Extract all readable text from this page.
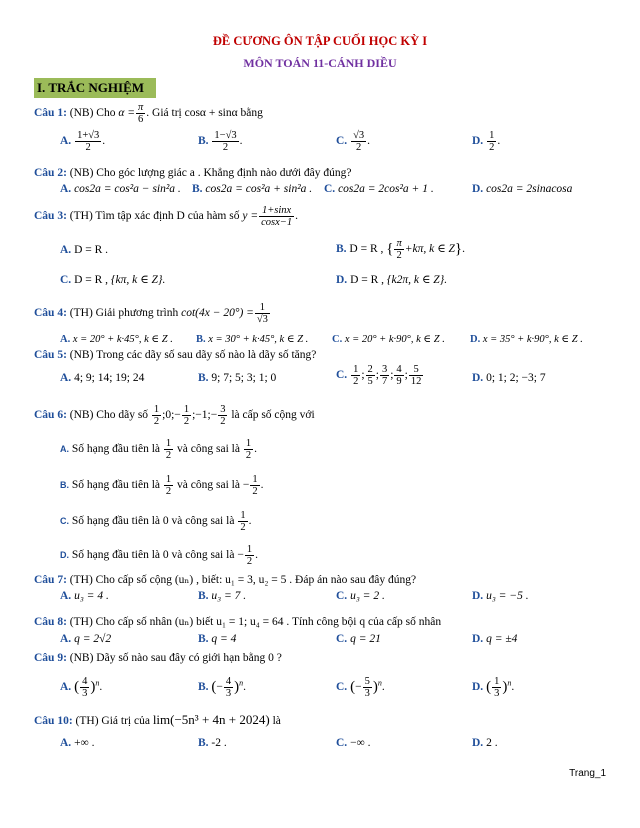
ĐỀ CƯƠNG ÔN TẬP CUỐI HỌC KỲ I
MÔN TOÁN 11-CÁNH DIỀU
I. TRẮC NGHIỆM
Câu 1: (NB) Cho $\alpha = \frac{\pi}{6}$ . Giá trị cosα + sinα bằng
A. $\frac{1+√3}{2}$ .	B. $\frac{1-√3}{2}$ .	C. $\frac{√3}{2}$ .	D. $\frac{1}{2}$ .
Câu 2: (NB) Cho góc lượng giác a . Khẳng định nào dưới đây đúng?
A. cos2a = cos²a − sin²a . B. cos2a = cos²a + sin²a . C. cos2a = 2cos²a + 1 .	D. cos2a = 2sinacosa
Câu 3: (TH) Tìm tập xác định D của hàm số $y = \frac{1+\sin x}{\cos x-1}$ .
A. D = R .	B. D = R , { $\frac{\pi}{2} +k\pi$, k ∈ Z}.
C. D = R , {kπ, k ∈ Z}.	D. D = R , {k2π, k ∈ Z}.
Câu 4: (TH) Giải phương trình $\cot(4x - 20^\circ) = \frac{1}{√3}$
A. x = 20° + k·45°, k ∈ Z . B. x = 30° + k·45°, k ∈ Z . C. x = 20° + k·90°, k ∈ Z . D. x = 35° + k·90°, k ∈ Z .
Câu 5: (NB) Trong các dãy số sau dãy số nào là dãy số tăng?
A. 4; 9; 14; 19; 24	B. 9; 7; 5; 3; 1; 0	C. $\frac{1}{2}$ ; $\frac{2}{5}$ ; $\frac{3}{7}$ ; $\frac{4}{9}$ ; $\frac{5}{12}$	D. 0; 1; 2; −3; 7
Câu 6: (NB) Cho dãy số $\frac{1}{2}$ ;0;− $\frac{1}{2}$ ;−1;− $\frac{3}{2}$ là cấp số cộng với
A. Số hạng đầu tiên là $\frac{1}{2}$ và công sai là $\frac{1}{2}$ .
B. Số hạng đầu tiên là $\frac{1}{2}$ và công sai là − $\frac{1}{2}$ .
C. Số hạng đầu tiên là 0 và công sai là $\frac{1}{2}$ .
D. Số hạng đầu tiên là 0 và công sai là − $\frac{1}{2}$ .
Câu 7: (TH) Cho cấp số cộng (uₙ) , biết: u₁ = 3, u₂ = 5 . Đáp án nào sau đây đúng?
A. u₃ = 4 .	B. u₃ = 7 .	C. u₃ = 2 .	D. u₃ = −5 .
Câu 8: (TH) Cho cấp số nhân (uₙ) biết u₁ = 1; u₄ = 64 . Tính công bội q của cấp số nhân
A. q = 2√2	B. q = 4	C. q = 21	D. q = ±4
Câu 9: (NB) Dãy số nào sau đây có giới hạn bằng 0 ?
A. ( $\frac{4}{3} )^n$.	B. (− $\frac{4}{3} )^n$.	C. (− $\frac{5}{3} )^n$.	D. ( $\frac{1}{3} )^n$.
Câu 10: (TH) Giá trị của lim(−5n³ + 4n + 2024) là
A. +∞ .	B. -2 .	C. −∞ .	D. 2 .
Trang_1
